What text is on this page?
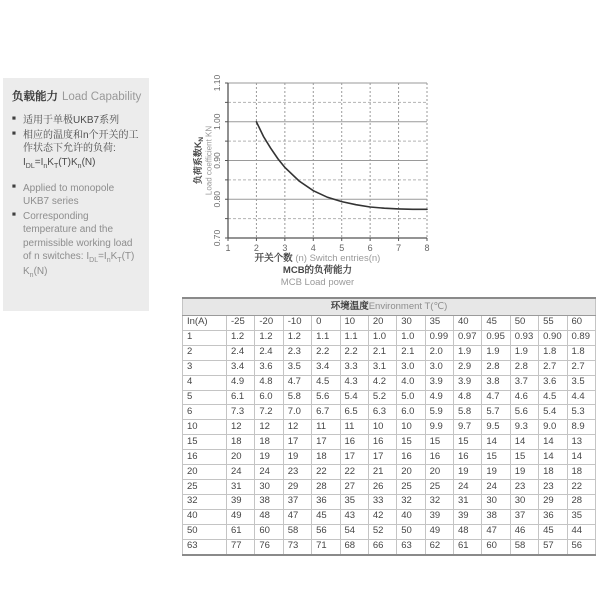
负载能力 Load Capability
■ 适用于单极UKB7系列
■ 相应的温度和n个开关的工作状态下允许的负荷:
$I_{DL}=I_nK_T(T)K_n(N)$
■ Applied to monopole UKB7 series
■ Corresponding temperature and the permissible working load of n switches: $I_{DL}=I_nK_T(T)$ $K_n(N)$
0.70
0.80
0.90
1.00
1.10
1	2	3	4	5	6	7	8
负荷系数$K_N$ Load coefficient KN
开关个数 (n) Switch entries(n)
MCB的负荷能力
MCB Load power
环境温度Environment T(℃)													
In(A)	-25	-20	-10	0	10	20	30	35	40	45	50	55	60
1	1.2	1.2	1.2	1.1	1.1	1.0	1.0	0.99	0.97	0.95	0.93	0.90	0.89
2	2.4	2.4	2.3	2.2	2.2	2.1	2.1	2.0	1.9	1.9	1.9	1.8	1.8
3	3.4	3.6	3.5	3.4	3.3	3.1	3.0	3.0	2.9	2.8	2.8	2.7	2.7
4	4.9	4.8	4.7	4.5	4.3	4.2	4.0	3.9	3.9	3.8	3.7	3.6	3.5
5	6.1	6.0	5.8	5.6	5.4	5.2	5.0	4.9	4.8	4.7	4.6	4.5	4.4
6	7.3	7.2	7.0	6.7	6.5	6.3	6.0	5.9	5.8	5.7	5.6	5.4	5.3
10	12	12	12	11	11	10	10	9.9	9.7	9.5	9.3	9.0	8.9
15	18	18	17	17	16	16	15	15	15	14	14	14	13
16	20	19	19	18	17	17	16	16	16	15	15	14	14
20	24	24	23	22	22	21	20	20	19	19	19	18	18
25	31	30	29	28	27	26	25	25	24	24	23	23	22
32	39	38	37	36	35	33	32	32	31	30	30	29	28
40	49	48	47	45	43	42	40	39	39	38	37	36	35
50	61	60	58	56	54	52	50	49	48	47	46	45	44
63	77	76	73	71	68	66	63	62	61	60	58	57	56
